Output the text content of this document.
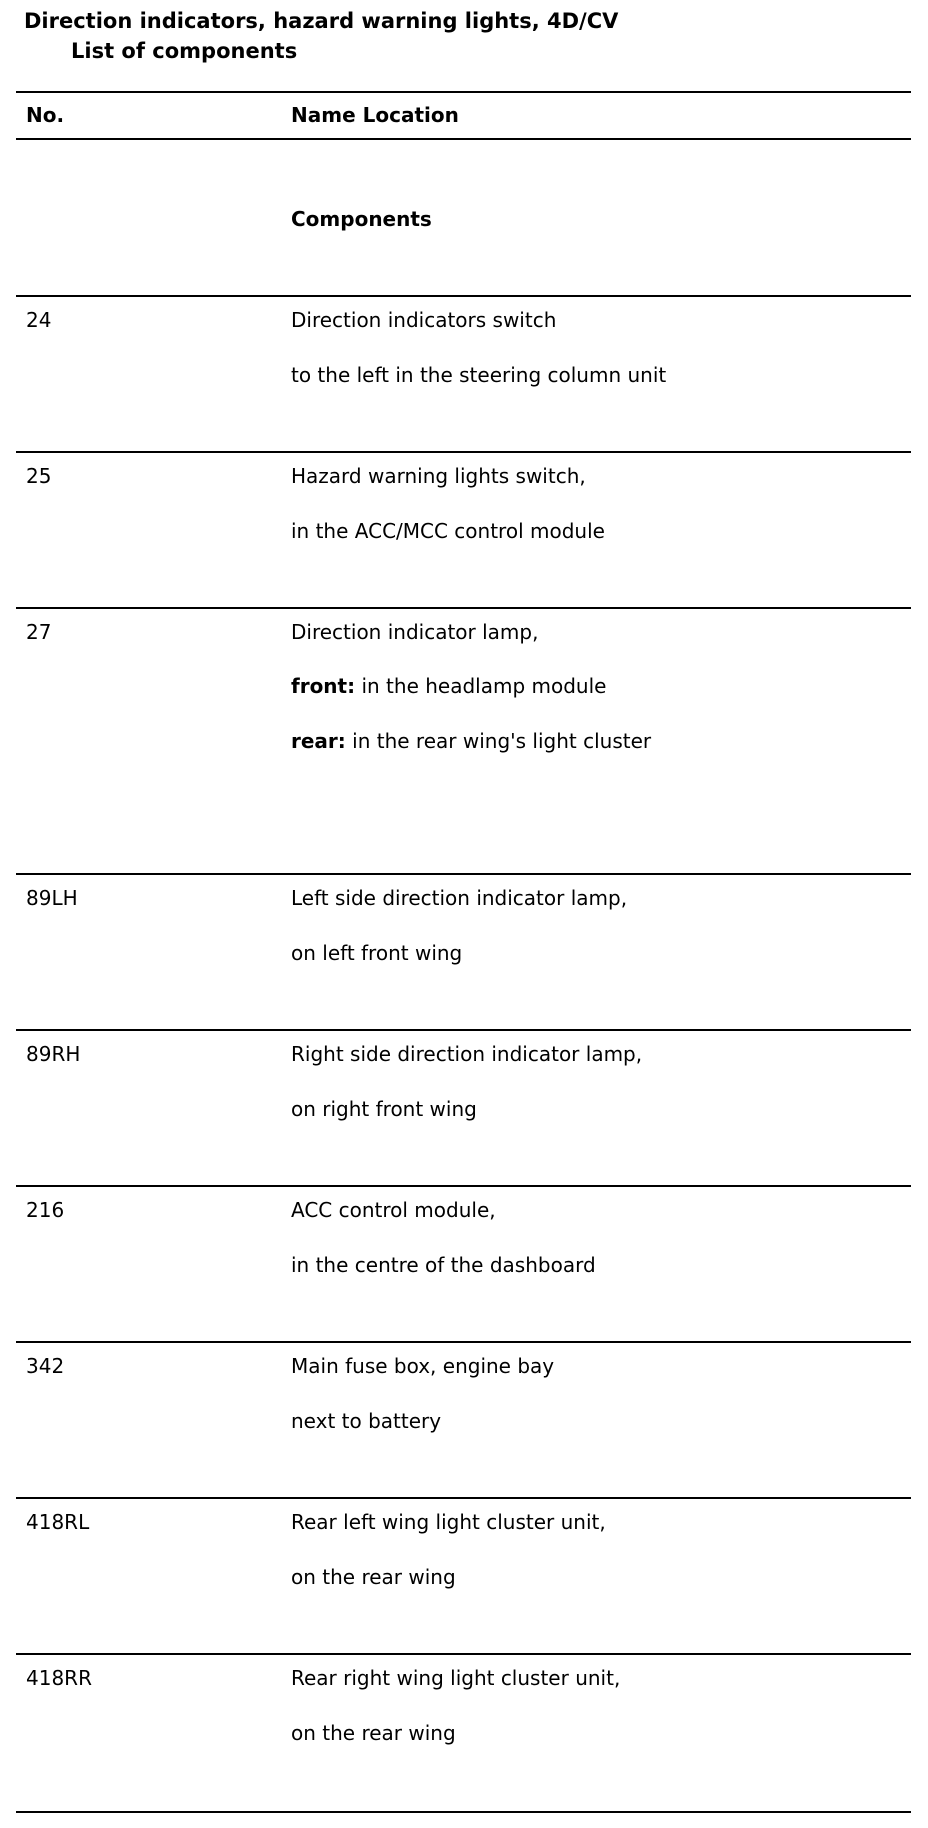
Direction indicators, hazard warning lights, 4D/CV
List of components
No.	Name Location
Components
24	Direction indicators switch
to the left in the steering column unit
25	Hazard warning lights switch,
in the ACC/MCC control module
27	Direction indicator lamp,
front: in the headlamp module
rear: in the rear wing's light cluster
89LH	Left side direction indicator lamp,
on left front wing
89RH	Right side direction indicator lamp,
on right front wing
216	ACC control module,
in the centre of the dashboard
342	Main fuse box, engine bay
next to battery
418RL	Rear left wing light cluster unit,
on the rear wing
418RR	Rear right wing light cluster unit,
on the rear wing
